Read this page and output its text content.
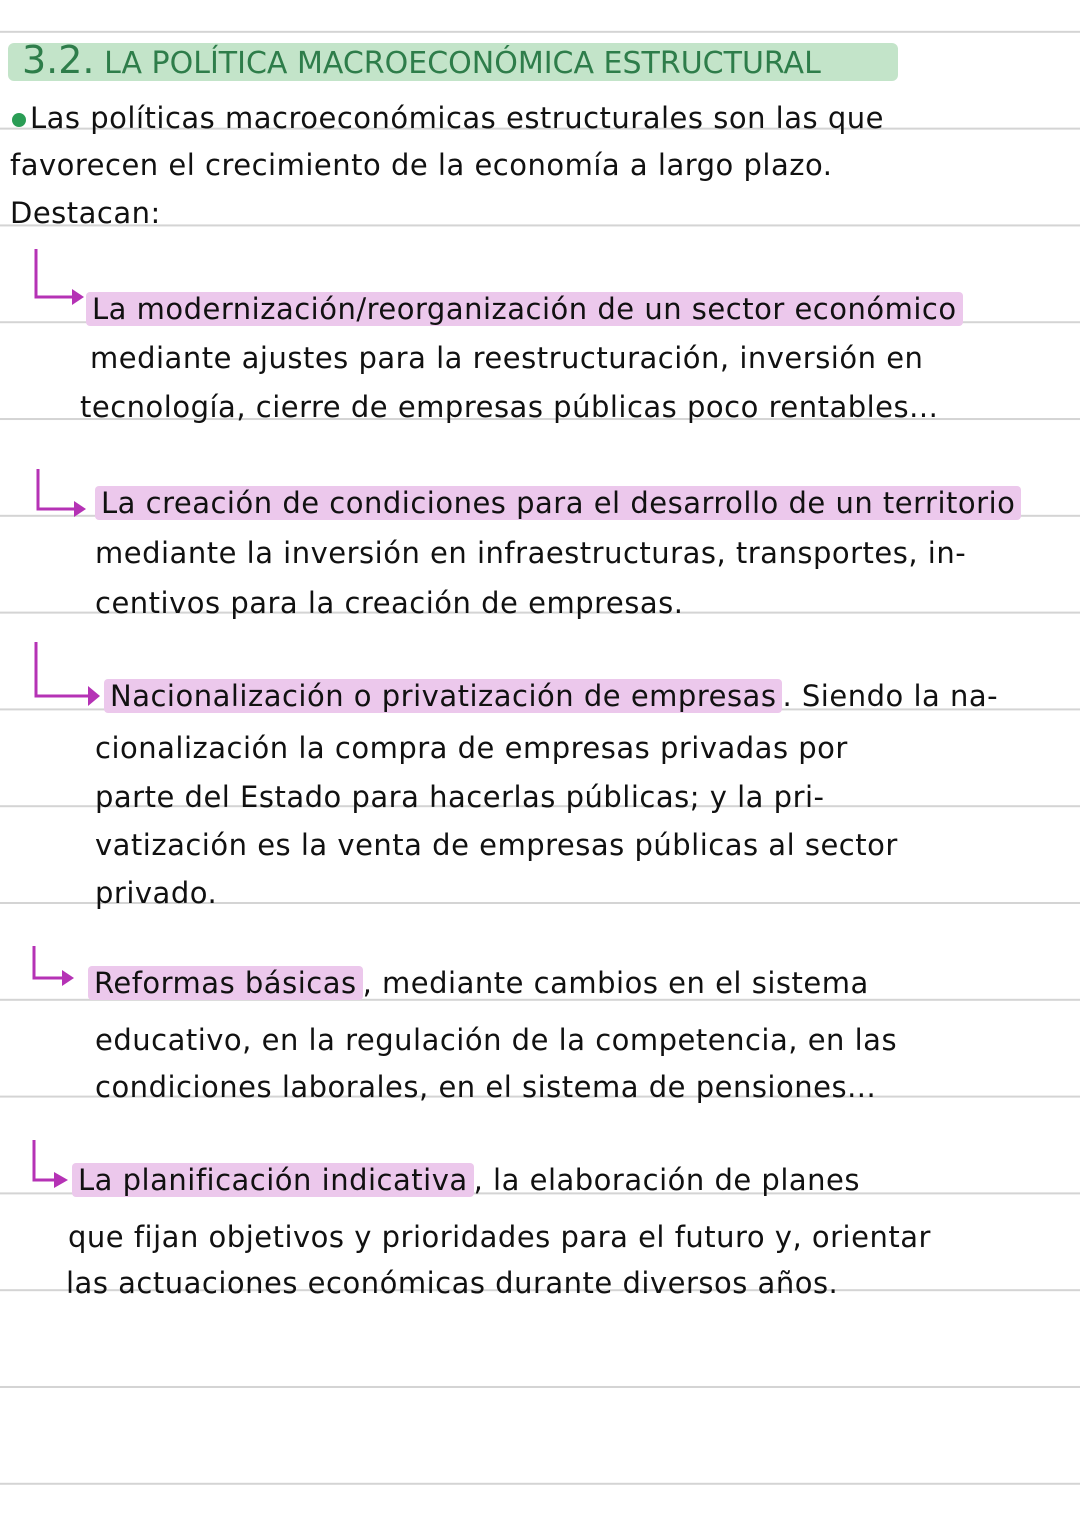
3.2. LA POLÍTICA MACROECONÓMICA ESTRUCTURAL
Las políticas macroeconómicas estructurales son las que
favorecen el crecimiento de la economía a largo plazo.
Destacan:
La modernización/reorganización de un sector económico
mediante ajustes para la reestructuración, inversión en
tecnología, cierre de empresas públicas poco rentables...
La creación de condiciones para el desarrollo de un territorio
mediante la inversión en infraestructuras, transportes, in-
centivos para la creación de empresas.
Nacionalización o privatización de empresas . Siendo la na-
cionalización la compra de empresas privadas por
parte del Estado para hacerlas públicas; y la pri-
vatización es la venta de empresas públicas al sector
privado.
Reformas básicas , mediante cambios en el sistema
educativo, en la regulación de la competencia, en las
condiciones laborales, en el sistema de pensiones...
La planificación indicativa , la elaboración de planes
que fijan objetivos y prioridades para el futuro y, orientar
las actuaciones económicas durante diversos años.
